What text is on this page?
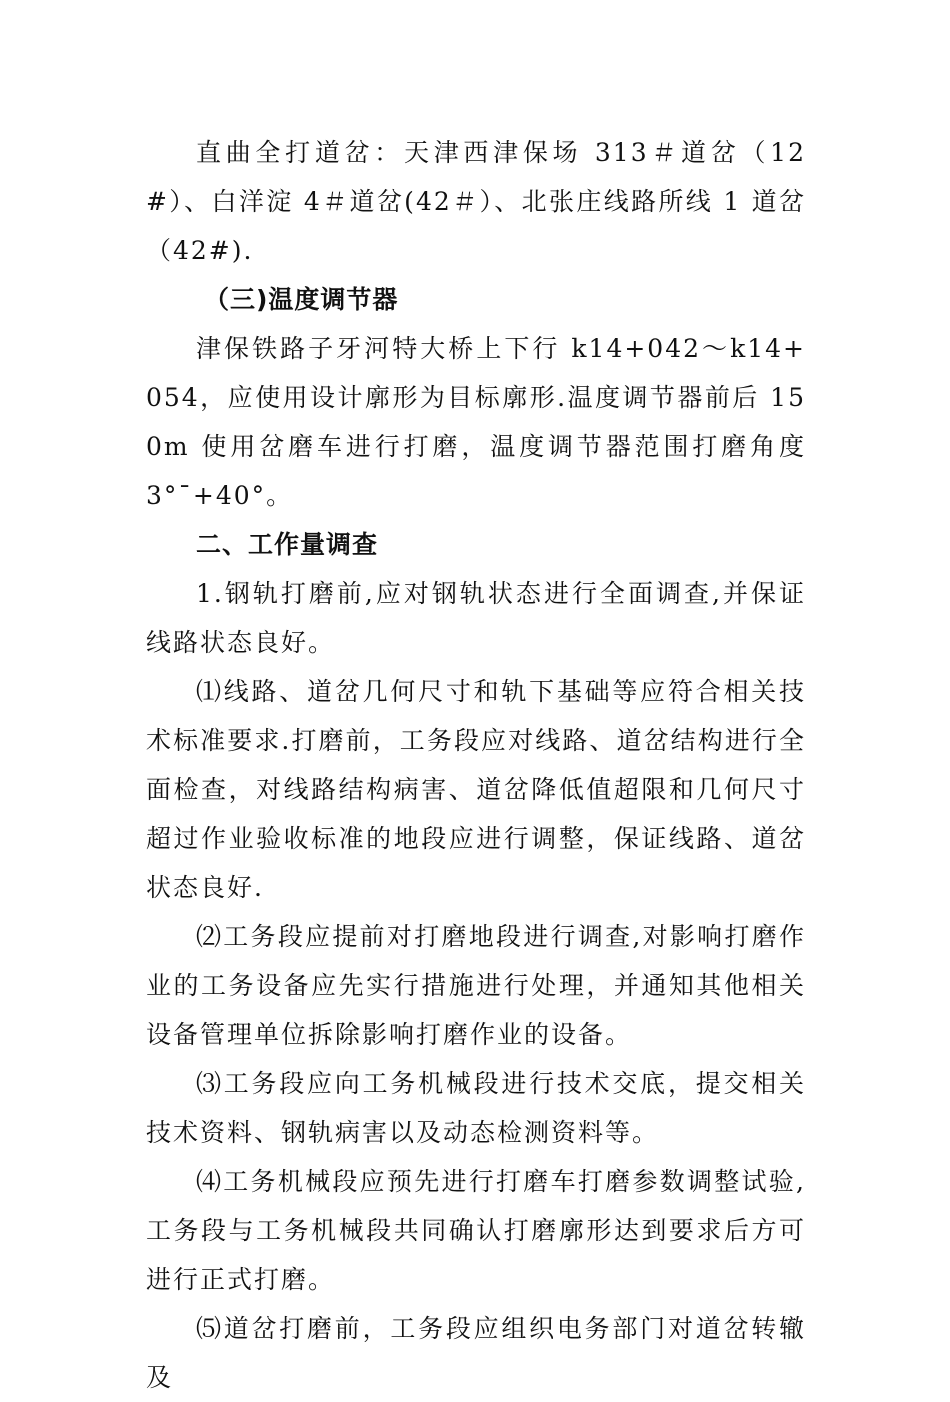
直曲全打道岔：天津西津保场 313＃道岔（12#）、白洋淀 4＃道岔(42＃）、北张庄线路所线 1 道岔（42#).

（三)温度调节器

津保铁路子牙河特大桥上下行 k14+042～k14+054，应使用设计廓形为目标廓形.温度调节器前后 150m 使用岔磨车进行打磨，温度调节器范围打磨角度 3°¯+40°。

二、工作量调查

1.钢轨打磨前,应对钢轨状态进行全面调查,并保证线路状态良好。

⑴线路、道岔几何尺寸和轨下基础等应符合相关技术标准要求.打磨前，工务段应对线路、道岔结构进行全面检查，对线路结构病害、道岔降低值超限和几何尺寸超过作业验收标准的地段应进行调整，保证线路、道岔状态良好.

⑵工务段应提前对打磨地段进行调查,对影响打磨作业的工务设备应先实行措施进行处理，并通知其他相关设备管理单位拆除影响打磨作业的设备。

⑶工务段应向工务机械段进行技术交底，提交相关技术资料、钢轨病害以及动态检测资料等。

⑷工务机械段应预先进行打磨车打磨参数调整试验,工务段与工务机械段共同确认打磨廓形达到要求后方可进行正式打磨。

⑸道岔打磨前，工务段应组织电务部门对道岔转辙及
